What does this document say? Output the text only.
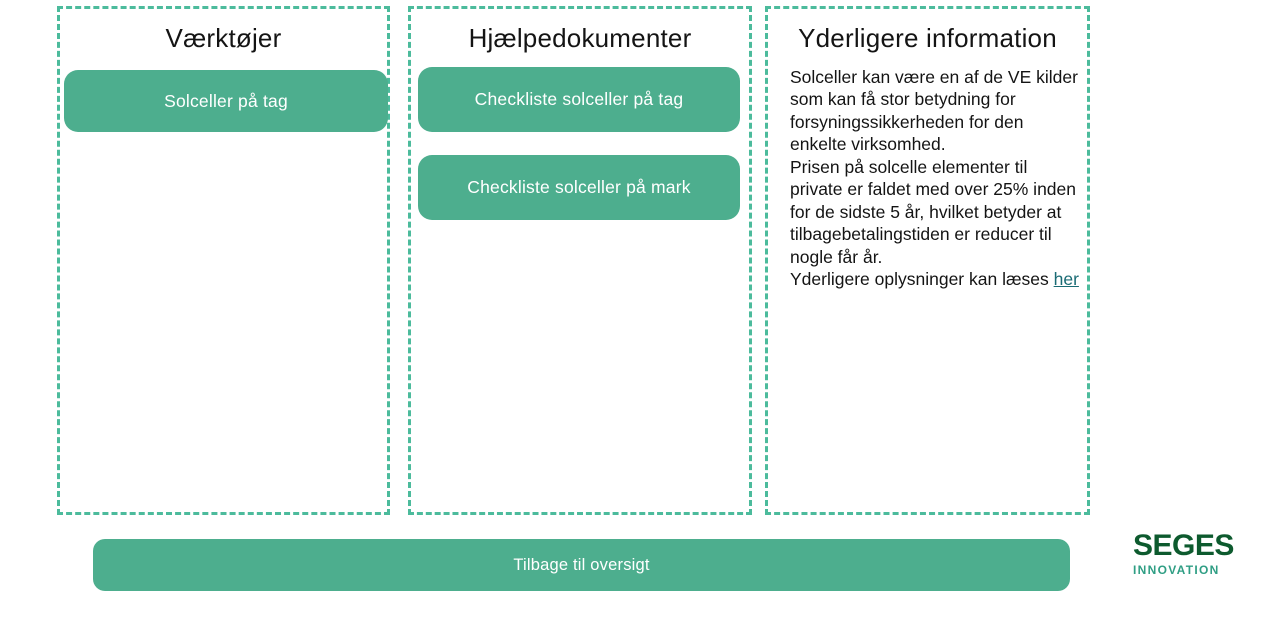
Værktøjer
Solceller på tag
Hjælpedokumenter
Checkliste solceller på tag
Checkliste solceller på mark
Yderligere information
Solceller kan være en af de VE kilder som kan få stor betydning for forsyningssikkerheden for den enkelte virksomhed.
Prisen på solcelle elementer til private er faldet med over 25% inden for de sidste 5 år, hvilket betyder at tilbagebetalingstiden er reducer til nogle får år.
Yderligere oplysninger kan læses her
Tilbage til oversigt
SEGES
INNOVATION
